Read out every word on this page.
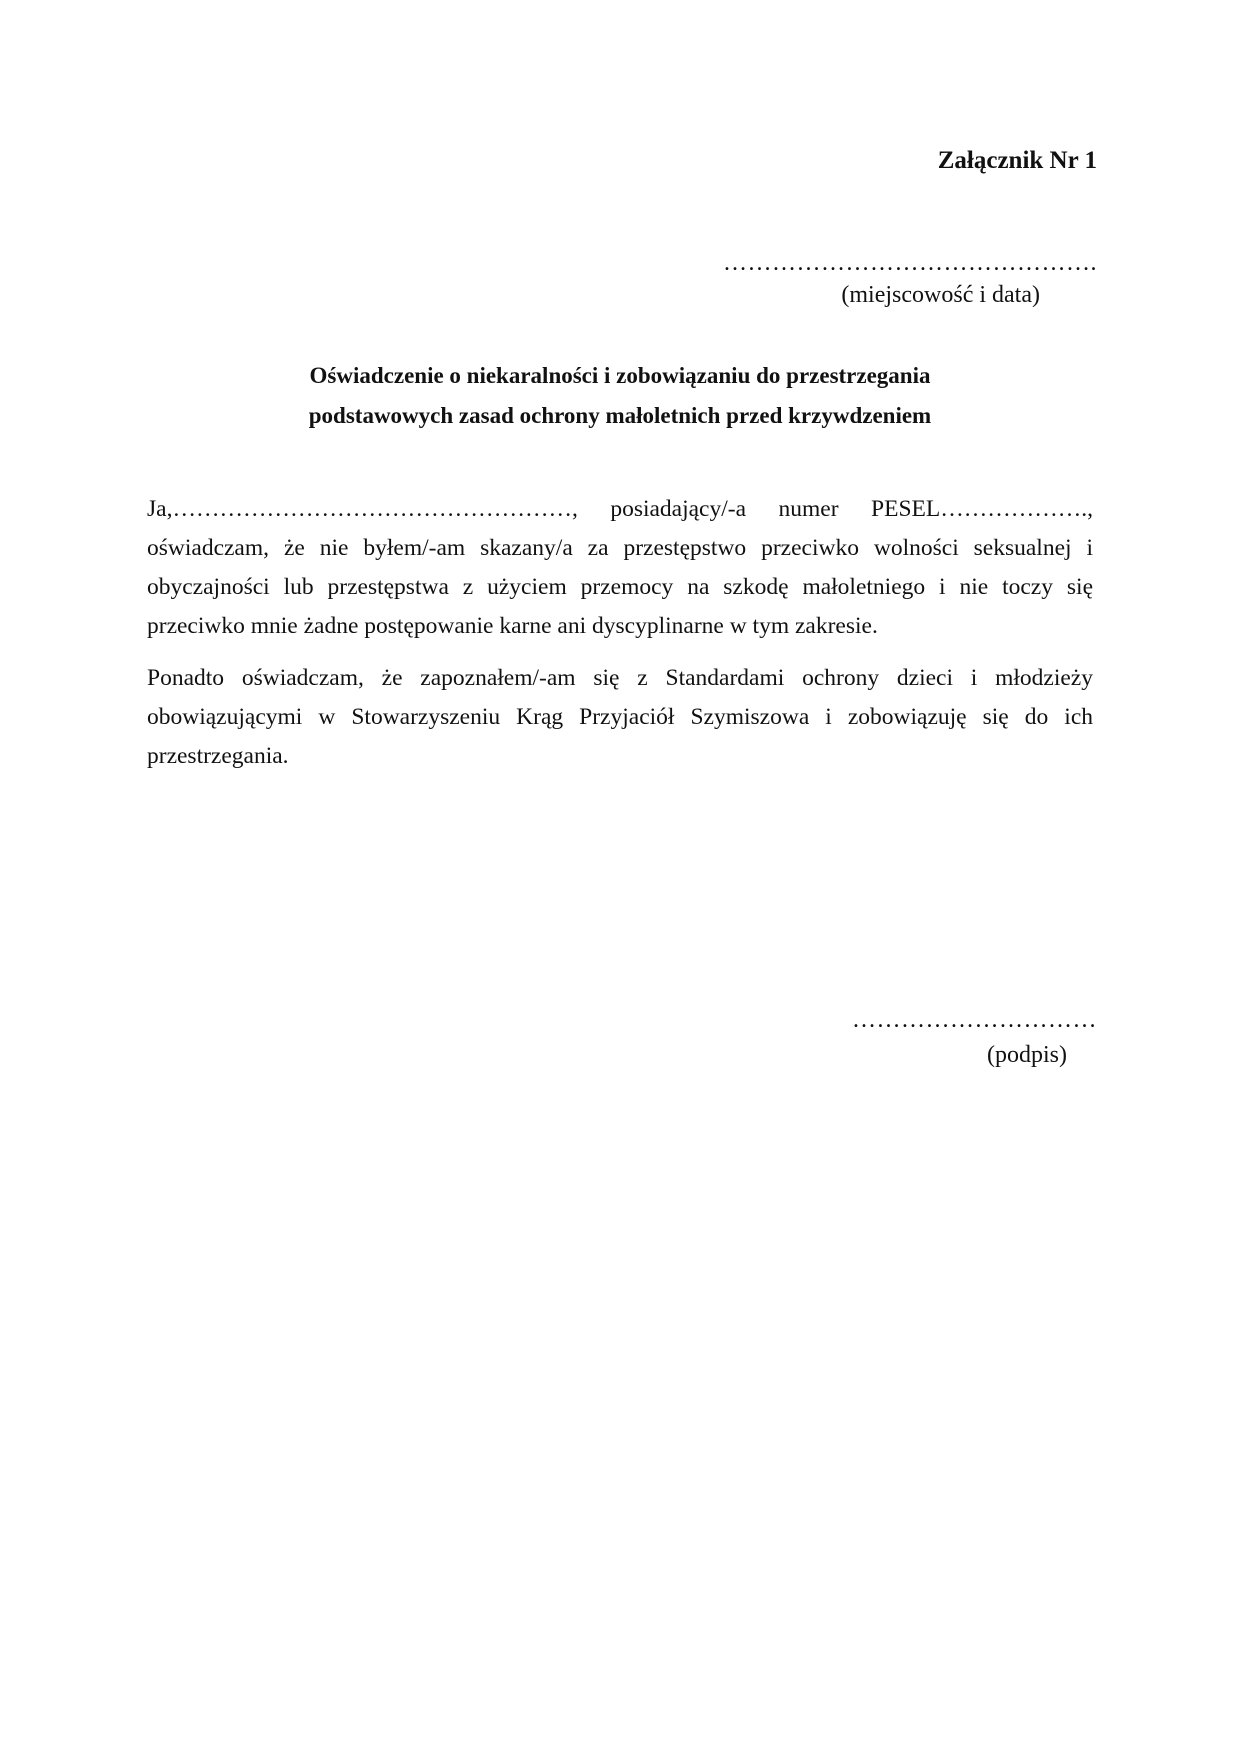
Załącznik Nr 1
……………………………………….
(miejscowość i data)
Oświadczenie o niekaralności i zobowiązaniu do przestrzegania
podstawowych zasad ochrony małoletnich przed krzywdzeniem

Ja,……………………………………………, posiadający/-a numer PESEL……………….,
oświadczam, że nie byłem/-am skazany/a za przestępstwo przeciwko wolności seksualnej i obyczajności lub przestępstwa z użyciem przemocy na szkodę małoletniego i nie toczy się przeciwko mnie żadne postępowanie karne ani dyscyplinarne w tym zakresie.

Ponadto oświadczam, że zapoznałem/-am się z Standardami ochrony dzieci i młodzieży obowiązującymi w Stowarzyszeniu Krąg Przyjaciół Szymiszowa i zobowiązuję się do ich przestrzegania.

…………………………
(podpis)
